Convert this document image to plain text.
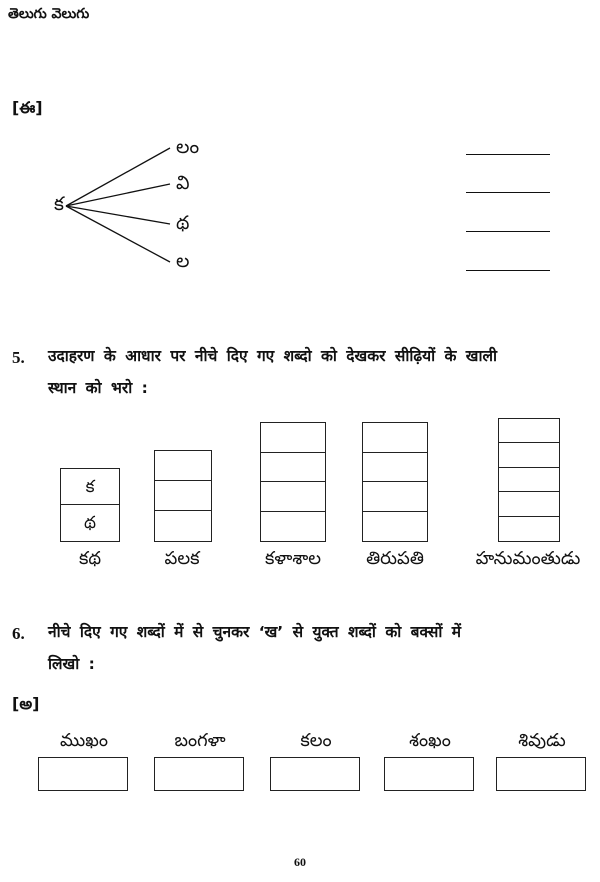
తెలుగు వెలుగు
[ఈ]
క
లం
వి
థ
ల
5. उदाहरण के आधार पर नीचे दिए गए शब्दो को देखकर सीढ़ियों के खाली
स्थान को भरो :
క
థ
కథ	పలక	కళాశాల	తిరుపతి	హనుమంతుడు
6. नीचे दिए गए शब्दों में से चुनकर ‘ख’ से युक्त शब्दों को बक्सों में
लिखो :
[అ]
ముఖం	బంగళా	కలం	శంఖం	శివుడు
60
